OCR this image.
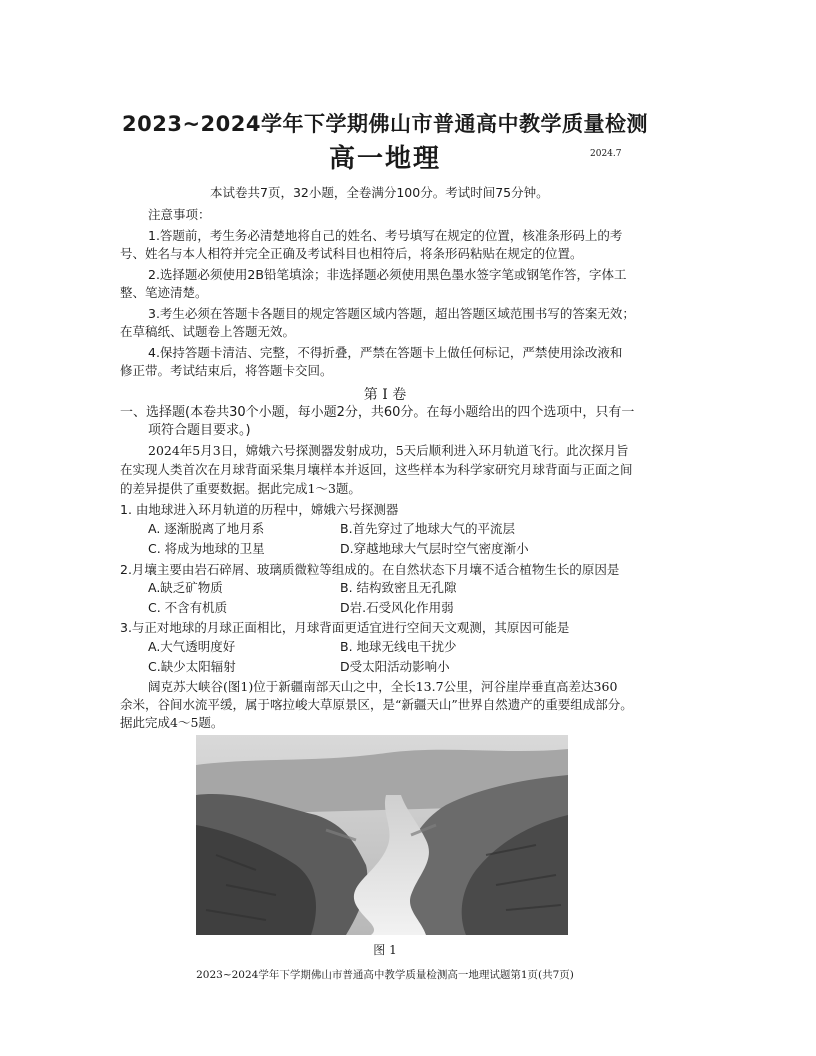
2023~2024学年下学期佛山市普通高中教学质量检测
高一地理	2024.7
本试卷共7页，32小题，全卷满分100分。考试时间75分钟。
注意事项：
1.答题前，考生务必清楚地将自己的姓名、考号填写在规定的位置，核准条形码上的考
号、姓名与本人相符并完全正确及考试科目也相符后，将条形码粘贴在规定的位置。
2.选择题必须使用2B铅笔填涂；非选择题必须使用黑色墨水签字笔或钢笔作答，字体工
整、笔迹清楚。
3.考生必须在答题卡各题目的规定答题区域内答题，超出答题区域范围书写的答案无效；
在草稿纸、试题卷上答题无效。
4.保持答题卡清洁、完整，不得折叠，严禁在答题卡上做任何标记，严禁使用涂改液和
修正带。考试结束后，将答题卡交回。
第 I 卷
一、选择题(本卷共30个小题，每小题2分，共60分。在每小题给出的四个选项中，只有一
项符合题目要求。)
2024年5月3日，嫦娥六号探测器发射成功，5天后顺利进入环月轨道飞行。此次探月旨
在实现人类首次在月球背面采集月壤样本并返回，这些样本为科学家研究月球背面与正面之间
的差异提供了重要数据。据此完成1～3题。
1. 由地球进入环月轨道的历程中，嫦娥六号探测器
A. 逐渐脱离了地月系	B.首先穿过了地球大气的平流层
C. 将成为地球的卫星	D.穿越地球大气层时空气密度渐小
2.月壤主要由岩石碎屑、玻璃质微粒等组成的。在自然状态下月壤不适合植物生长的原因是
A.缺乏矿物质	B. 结构致密且无孔隙
C. 不含有机质	D岩.石受风化作用弱
3.与正对地球的月球正面相比，月球背面更适宜进行空间天文观测，其原因可能是
A.大气透明度好	B. 地球无线电干扰少
C.缺少太阳辐射	D受太阳活动影响小
阔克苏大峡谷(图1)位于新疆南部天山之中，全长13.7公里，河谷崖岸垂直高差达360
余米，谷间水流平缓，属于喀拉峻大草原景区，是“新疆天山”世界自然遗产的重要组成部分。
据此完成4～5题。
图 1
2023~2024学年下学期佛山市普通高中教学质量检测高一地理试题第1页(共7页)
